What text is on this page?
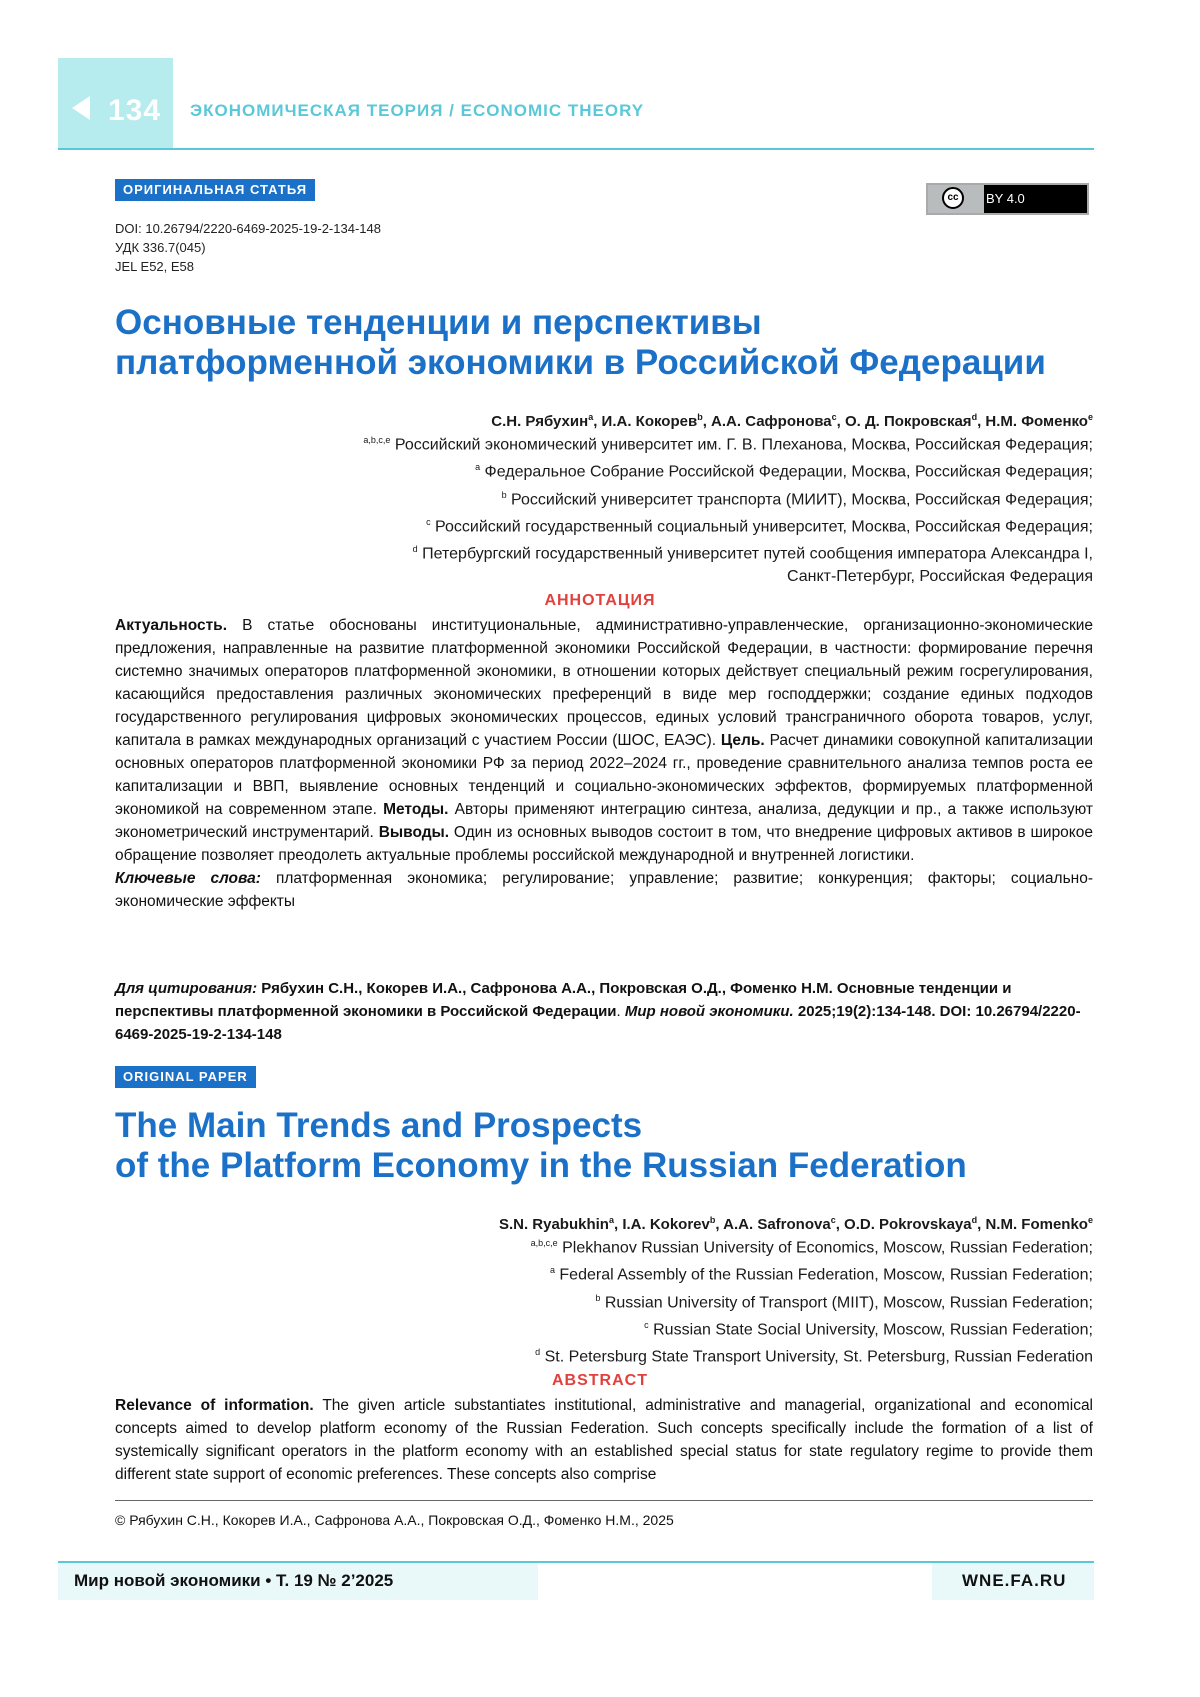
134 ЭКОНОМИЧЕСКАЯ ТЕОРИЯ / ECONOMIC THEORY
ОРИГИНАЛЬНАЯ СТАТЬЯ
cc	BY 4.0
DOI: 10.26794/2220-6469-2025-19-2-134-148
УДК 336.7(045)
JEL E52, E58
Основные тенденции и перспективы
платформенной экономики в Российской Федерации
С.Н. Рябухинa, И.А. Кокоревb, А.А. Сафроноваc, О. Д. Покровскаяd, Н.М. Фоменкоe
a,b,c,e Российский экономический университет им. Г. В. Плеханова, Москва, Российская Федерация;
a Федеральное Собрание Российской Федерации, Москва, Российская Федерация;
b Российский университет транспорта (МИИТ), Москва, Российская Федерация;
c Российский государственный социальный университет, Москва, Российская Федерация;
d Петербургский государственный университет путей сообщения императора Александра I,
Санкт-Петербург, Российская Федерация
АННОТАЦИЯ
Актуальность. В статье обоснованы институциональные, административно-управленческие, организационно-экономические предложения, направленные на развитие платформенной экономики Российской Федерации, в частности: формирование перечня системно значимых операторов платформенной экономики, в отношении которых действует специальный режим госрегулирования, касающийся предоставления различных экономических преференций в виде мер господдержки; создание единых подходов государственного регулирования цифровых экономических процессов, единых условий трансграничного оборота товаров, услуг, капитала в рамках международных организаций с участием России (ШОС, ЕАЭС). Цель. Расчет динамики совокупной капитализации основных операторов платформенной экономики РФ за период 2022–2024 гг., проведение сравнительного анализа темпов роста ее капитализации и ВВП, выявление основных тенденций и социально-экономических эффектов, формируемых платформенной экономикой на современном этапе. Методы. Авторы применяют интеграцию синтеза, анализа, дедукции и пр., а также используют эконометрический инструментарий. Выводы. Один из основных выводов состоит в том, что внедрение цифровых активов в широкое обращение позволяет преодолеть актуальные проблемы российской международной и внутренней логистики.
Ключевые слова: платформенная экономика; регулирование; управление; развитие; конкуренция; факторы; социально-экономические эффекты
Для цитирования: Рябухин С.Н., Кокорев И.А., Сафронова А.А., Покровская О.Д., Фоменко Н.М. Основные тенденции и перспективы платформенной экономики в Российской Федерации. Мир новой экономики. 2025;19(2):134-148. DOI: 10.26794/2220-6469-2025-19-2-134-148
ORIGINAL PAPER
The Main Trends and Prospects
of the Platform Economy in the Russian Federation
S.N. Ryabukhina, I.A. Kokorevb, A.A. Safronovac, O.D. Pokrovskayad, N.M. Fomenkoe
a,b,c,e Plekhanov Russian University of Economics, Moscow, Russian Federation;
a Federal Assembly of the Russian Federation, Moscow, Russian Federation;
b Russian University of Transport (MIIT), Moscow, Russian Federation;
c Russian State Social University, Moscow, Russian Federation;
d St. Petersburg State Transport University, St. Petersburg, Russian Federation
ABSTRACT
Relevance of information. The given article substantiates institutional, administrative and managerial, organizational and economical concepts aimed to develop platform economy of the Russian Federation. Such concepts specifically include the formation of a list of systemically significant operators in the platform economy with an established special status for state regulatory regime to provide them different state support of economic preferences. These concepts also comprise
© Рябухин С.Н., Кокорев И.А., Сафронова А.А., Покровская О.Д., Фоменко Н.М., 2025
Мир новой экономики • Т. 19 № 2’2025	WNE.FA.RU
